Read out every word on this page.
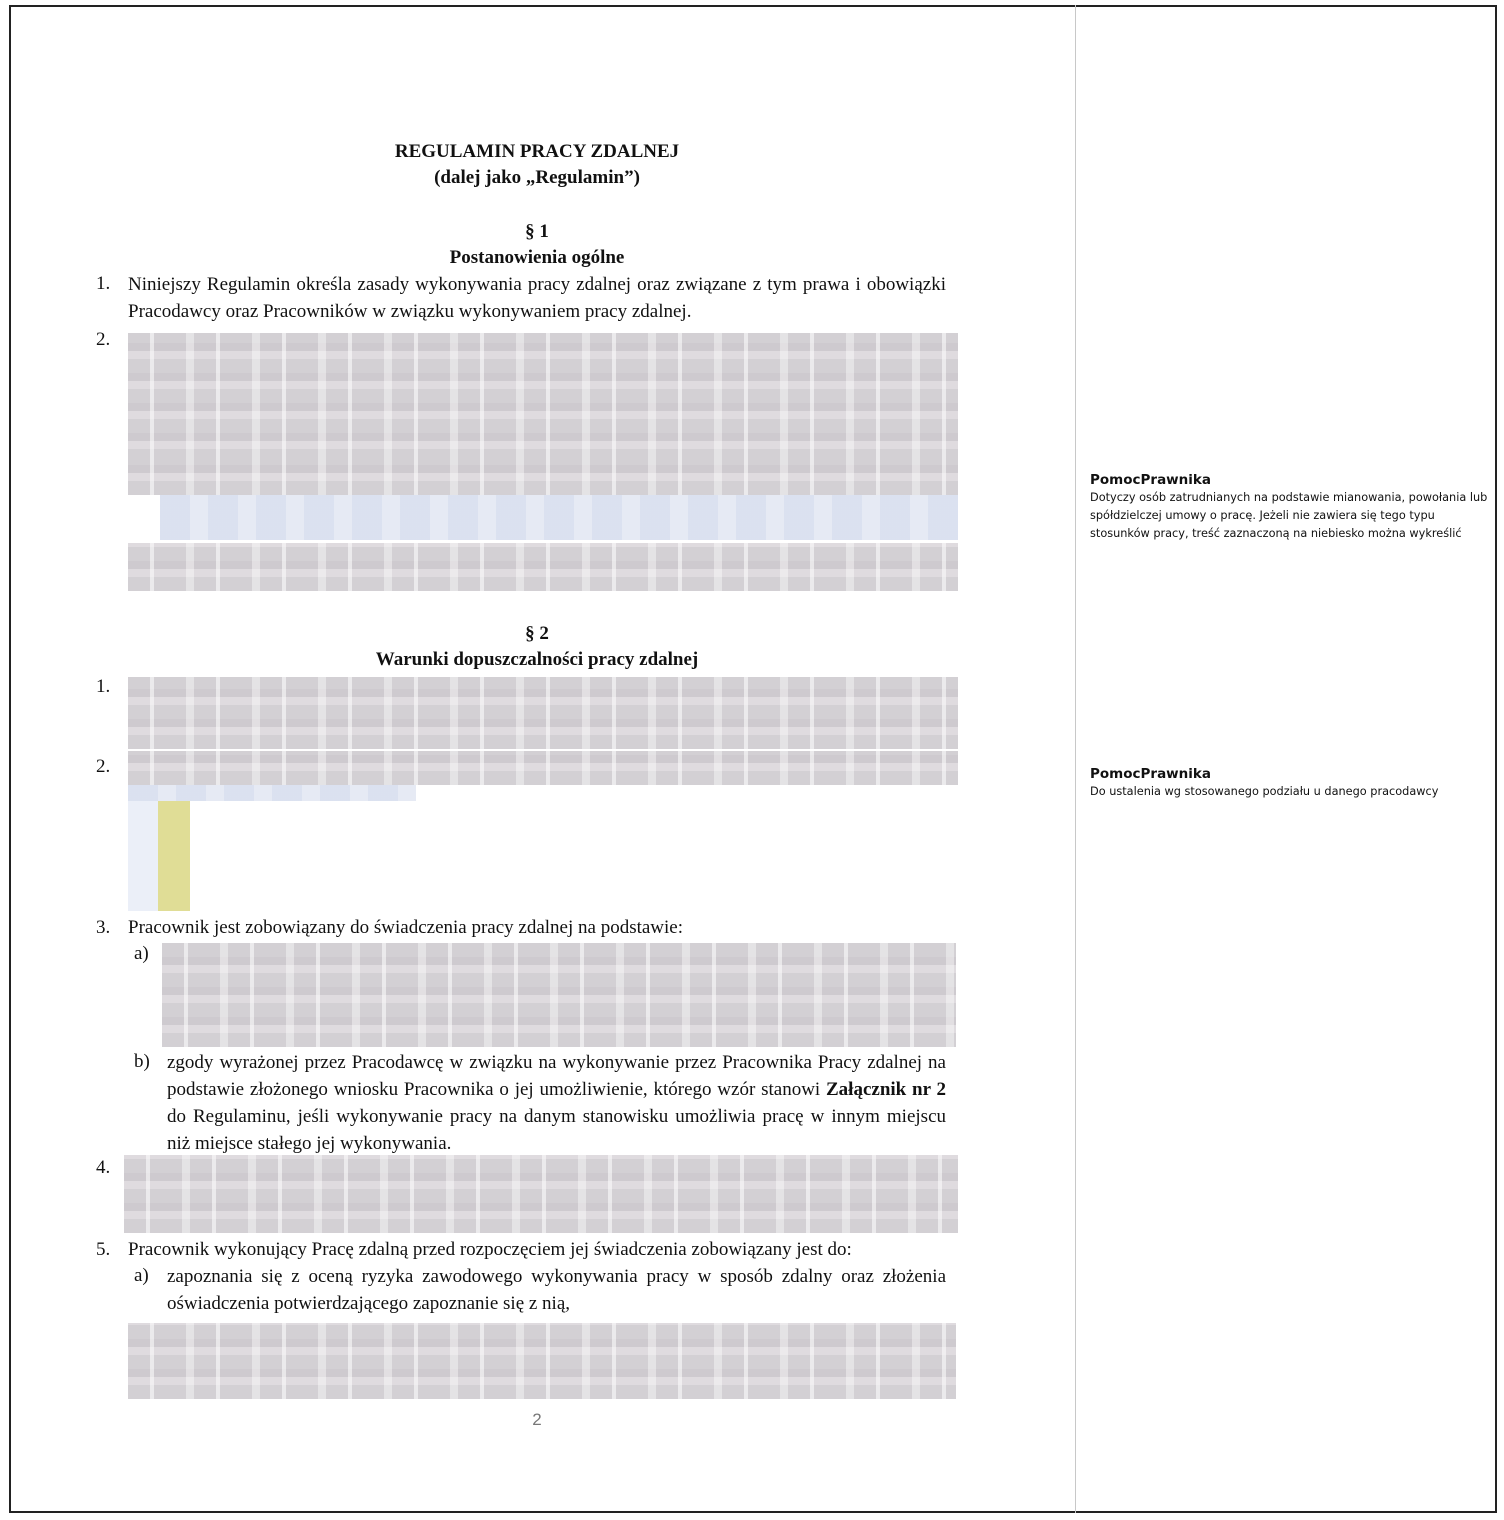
REGULAMIN PRACY ZDALNEJ
(dalej jako „Regulamin”)
§ 1
Postanowienia ogólne
1. Niniejszy Regulamin określa zasady wykonywania pracy zdalnej oraz związane z tym prawa i obowiązki Pracodawcy oraz Pracowników w związku wykonywaniem pracy zdalnej.

2.
§ 2
Warunki dopuszczalności pracy zdalnej
1.
2.
3. Pracownik jest zobowiązany do świadczenia pracy zdalnej na podstawie:
a)
b) zgody wyrażonej przez Pracodawcę w związku na wykonywanie przez Pracownika Pracy zdalnej na podstawie złożonego wniosku Pracownika o jej umożliwienie, którego wzór stanowi Załącznik nr 2 do Regulaminu, jeśli wykonywanie pracy na danym stanowisku umożliwia pracę w innym miejscu niż miejsce stałego jej wykonywania.

4.
5. Pracownik wykonujący Pracę zdalną przed rozpoczęciem jej świadczenia zobowiązany jest do:
a) zapoznania się z oceną ryzyka zawodowego wykonywania pracy w sposób zdalny oraz złożenia oświadczenia potwierdzającego zapoznanie się z nią,

2
PomocPrawnika
Dotyczy osób zatrudnianych na podstawie mianowania, powołania lub spółdzielczej umowy o pracę. Jeżeli nie zawiera się tego typu stosunków pracy, treść zaznaczoną na niebiesko można wykreślić
PomocPrawnika
Do ustalenia wg stosowanego podziału u danego pracodawcy
